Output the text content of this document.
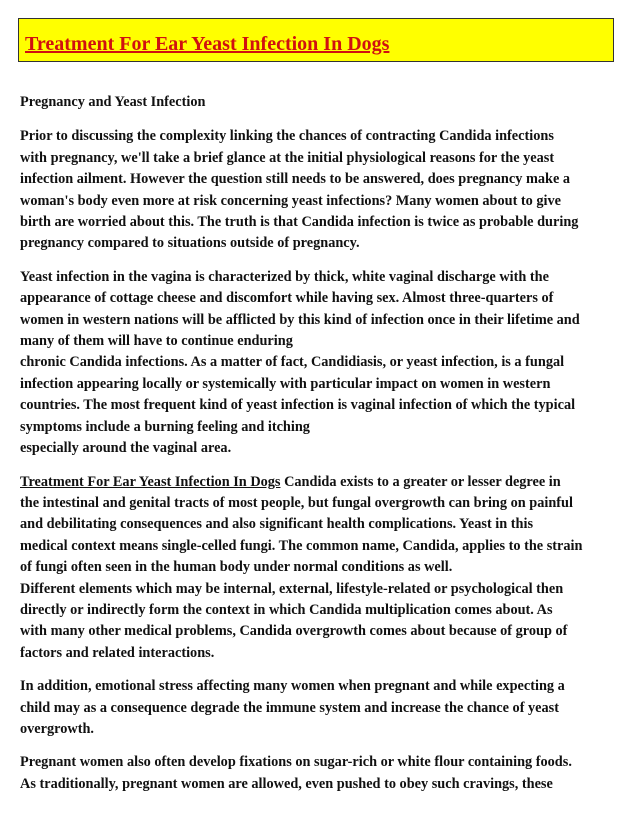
Treatment For Ear Yeast Infection In Dogs
Pregnancy and Yeast Infection

Prior to discussing the complexity linking the chances of contracting Candida infections
with pregnancy, we'll take a brief glance at the initial physiological reasons for the yeast
infection ailment. However the question still needs to be answered, does pregnancy make a
woman's body even more at risk concerning yeast infections? Many women about to give
birth are worried about this. The truth is that Candida infection is twice as probable during
pregnancy compared to situations outside of pregnancy.

Yeast infection in the vagina is characterized by thick, white vaginal discharge with the
appearance of cottage cheese and discomfort while having sex. Almost three-quarters of
women in western nations will be afflicted by this kind of infection once in their lifetime and
many of them will have to continue enduring
chronic Candida infections. As a matter of fact, Candidiasis, or yeast infection, is a fungal
infection appearing locally or systemically with particular impact on women in western
countries. The most frequent kind of yeast infection is vaginal infection of which the typical
symptoms include a burning feeling and itching
especially around the vaginal area.

Treatment For Ear Yeast Infection In Dogs Candida exists to a greater or lesser degree in
the intestinal and genital tracts of most people, but fungal overgrowth can bring on painful
and debilitating consequences and also significant health complications. Yeast in this
medical context means single-celled fungi. The common name, Candida, applies to the strain
of fungi often seen in the human body under normal conditions as well.
Different elements which may be internal, external, lifestyle-related or psychological then
directly or indirectly form the context in which Candida multiplication comes about. As
with many other medical problems, Candida overgrowth comes about because of group of
factors and related interactions.

In addition, emotional stress affecting many women when pregnant and while expecting a
child may as a consequence degrade the immune system and increase the chance of yeast
overgrowth.

Pregnant women also often develop fixations on sugar-rich or white flour containing foods.
As traditionally, pregnant women are allowed, even pushed to obey such cravings, these
